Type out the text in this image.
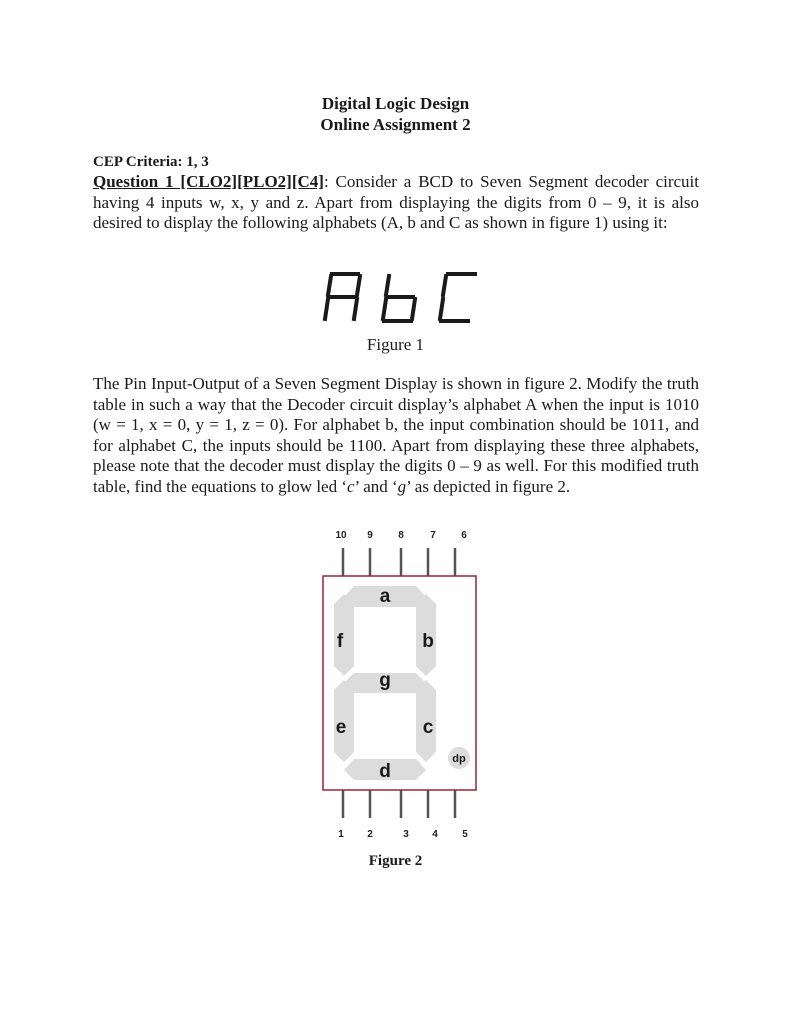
Digital Logic Design
Online Assignment 2
CEP Criteria: 1, 3

Question 1 [CLO2][PLO2][C4]: Consider a BCD to Seven Segment decoder circuit having 4 inputs w, x, y and z. Apart from displaying the digits from 0 – 9, it is also desired to display the following alphabets (A, b and C as shown in figure 1) using it:

Figure 1

The Pin Input-Output of a Seven Segment Display is shown in figure 2. Modify the truth table in such a way that the Decoder circuit display’s alphabet A when the input is 1010 (w = 1, x = 0, y = 1, z = 0). For alphabet b, the input combination should be 1011, and for alphabet C, the inputs should be 1100. Apart from displaying these three alphabets, please note that the decoder must display the digits 0 – 9 as well. For this modified truth table, find the equations to glow led ‘c’ and ‘g’ as depicted in figure 2.

10 9	8	7	6
a
f	b
g
e	c
d
dp
1 2	3 4 5
Figure 2
